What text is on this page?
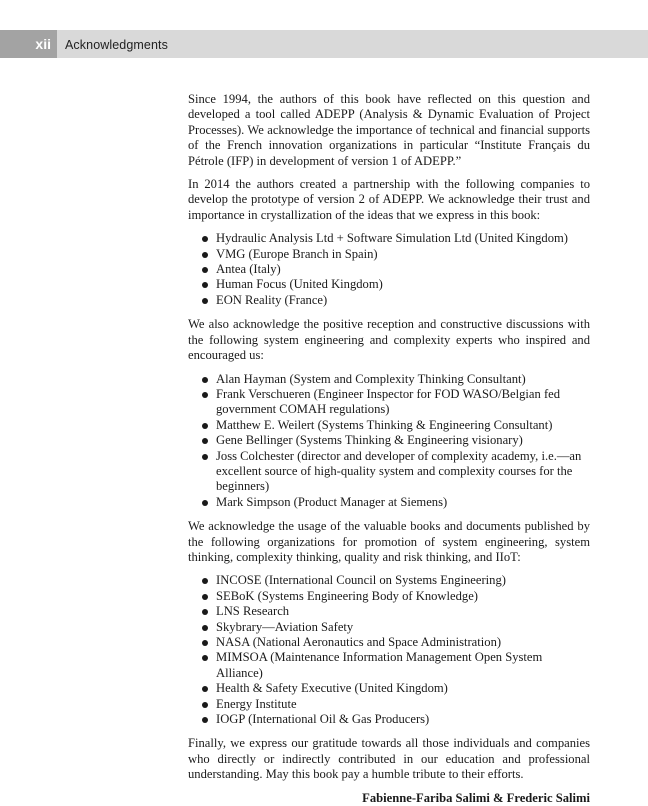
xii	Acknowledgments

Since 1994, the authors of this book have reflected on this question and developed a tool called ADEPP (Analysis & Dynamic Evaluation of Project Processes). We acknowledge the importance of technical and financial supports of the French innovation organizations in particular “Institute Français du Pétrole (IFP) in development of version 1 of ADEPP.”

In 2014 the authors created a partnership with the following companies to develop the prototype of version 2 of ADEPP. We acknowledge their trust and importance in crystallization of the ideas that we express in this book:

Hydraulic Analysis Ltd + Software Simulation Ltd (United Kingdom)
VMG (Europe Branch in Spain)
Antea (Italy)
Human Focus (United Kingdom)
EON Reality (France)

We also acknowledge the positive reception and constructive discussions with the following system engineering and complexity experts who inspired and encouraged us:

Alan Hayman (System and Complexity Thinking Consultant)
Frank Verschueren (Engineer Inspector for FOD WASO/Belgian fed government COMAH regulations)
Matthew E. Weilert (Systems Thinking & Engineering Consultant)
Gene Bellinger (Systems Thinking & Engineering visionary)
Joss Colchester (director and developer of complexity academy, i.e.—an excellent source of high-quality system and complexity courses for the beginners)
Mark Simpson (Product Manager at Siemens)

We acknowledge the usage of the valuable books and documents published by the following organizations for promotion of system engineering, system thinking, complexity thinking, quality and risk thinking, and IIoT:

INCOSE (International Council on Systems Engineering)
SEBoK (Systems Engineering Body of Knowledge)
LNS Research
Skybrary—Aviation Safety
NASA (National Aeronautics and Space Administration)
MIMSOA (Maintenance Information Management Open System Alliance)
Health & Safety Executive (United Kingdom)
Energy Institute
IOGP (International Oil & Gas Producers)

Finally, we express our gratitude towards all those individuals and companies who directly or indirectly contributed in our education and professional understanding. May this book pay a humble tribute to their efforts.

Fabienne-Fariba Salimi & Frederic Salimi
